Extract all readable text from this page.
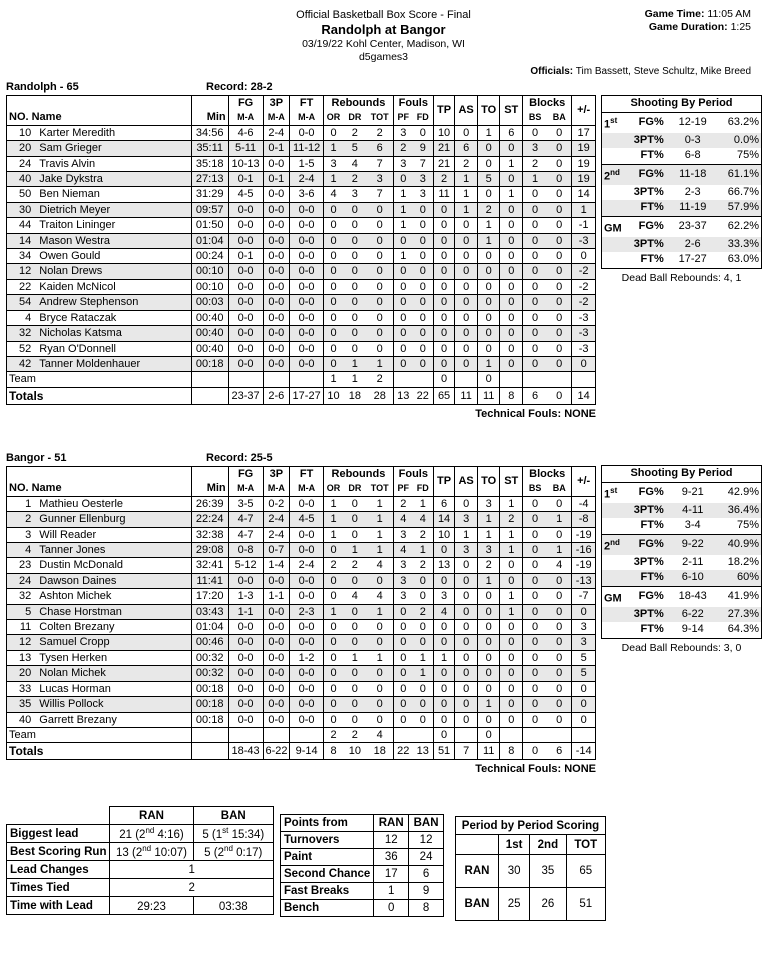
Official Basketball Box Score - Final
Randolph at Bangor
03/19/22 Kohl Center, Madison, WI
d5games3
Game Time: 11:05 AM
Game Duration: 1:25
Officials: Tim Bassett, Steve Schultz, Mike Breed
Randolph - 65	Record: 28-2
NO. Name		Min	FG	3P	FT	Rebounds			Fouls		TP	AS	TO	ST	Blocks		+/-
			M-A	M-A	M-A	OR	DR	TOT	PF	FD					BS	BA	
10	Karter Meredith	34:56	4-6	2-4	0-0	0	2	2	3	0	10	0	1	6	0	0	17
20	Sam Grieger	35:11	5-11	0-1	11-12	1	5	6	2	9	21	6	0	0	3	0	19
24	Travis Alvin	35:18	10-13	0-0	1-5	3	4	7	3	7	21	2	0	1	2	0	19
40	Jake Dykstra	27:13	0-1	0-1	2-4	1	2	3	0	3	2	1	5	0	1	0	19
50	Ben Nieman	31:29	4-5	0-0	3-6	4	3	7	1	3	11	1	0	1	0	0	14
30	Dietrich Meyer	09:57	0-0	0-0	0-0	0	0	0	1	0	0	1	2	0	0	0	1
44	Traiton Lininger	01:50	0-0	0-0	0-0	0	0	0	1	0	0	0	1	0	0	0	-1
14	Mason Westra	01:04	0-0	0-0	0-0	0	0	0	0	0	0	0	1	0	0	0	-3
34	Owen Gould	00:24	0-1	0-0	0-0	0	0	0	1	0	0	0	0	0	0	0	0
12	Nolan Drews	00:10	0-0	0-0	0-0	0	0	0	0	0	0	0	0	0	0	0	-2
22	Kaiden McNicol	00:10	0-0	0-0	0-0	0	0	0	0	0	0	0	0	0	0	0	-2
54	Andrew Stephenson	00:03	0-0	0-0	0-0	0	0	0	0	0	0	0	0	0	0	0	-2
4	Bryce Rataczak	00:40	0-0	0-0	0-0	0	0	0	0	0	0	0	0	0	0	0	-3
32	Nicholas Katsma	00:40	0-0	0-0	0-0	0	0	0	0	0	0	0	0	0	0	0	-3
52	Ryan O'Donnell	00:40	0-0	0-0	0-0	0	0	0	0	0	0	0	0	0	0	0	-3
42	Tanner Moldenhauer	00:18	0-0	0-0	0-0	0	1	1	0	0	0	0	1	0	0	0	0
Team						1	1	2			0		0				
Totals			23-37	2-6	17-27	10	18	28	13	22	65	11	11	8	6	0	14
Technical Fouls: NONE
Bangor - 51	Record: 25-5
NO. Name		Min	FG	3P	FT	Rebounds			Fouls		TP	AS	TO	ST	Blocks		+/-
			M-A	M-A	M-A	OR	DR	TOT	PF	FD					BS	BA	
1	Mathieu Oesterle	26:39	3-5	0-2	0-0	1	0	1	2	1	6	0	3	1	0	0	-4
2	Gunner Ellenburg	22:24	4-7	2-4	4-5	1	0	1	4	4	14	3	1	2	0	1	-8
3	Will Reader	32:38	4-7	2-4	0-0	1	0	1	3	2	10	1	1	1	0	0	-19
4	Tanner Jones	29:08	0-8	0-7	0-0	0	1	1	4	1	0	3	3	1	0	1	-16
23	Dustin McDonald	32:41	5-12	1-4	2-4	2	2	4	3	2	13	0	2	0	0	4	-19
24	Dawson Daines	11:41	0-0	0-0	0-0	0	0	0	3	0	0	0	1	0	0	0	-13
32	Ashton Michek	17:20	1-3	1-1	0-0	0	4	4	3	0	3	0	0	1	0	0	-7
5	Chase Horstman	03:43	1-1	0-0	2-3	1	0	1	0	2	4	0	0	1	0	0	0
11	Colten Brezany	01:04	0-0	0-0	0-0	0	0	0	0	0	0	0	0	0	0	0	3
12	Samuel Cropp	00:46	0-0	0-0	0-0	0	0	0	0	0	0	0	0	0	0	0	3
13	Tysen Herken	00:32	0-0	0-0	1-2	0	1	1	0	1	1	0	0	0	0	0	5
20	Nolan Michek	00:32	0-0	0-0	0-0	0	0	0	0	1	0	0	0	0	0	0	5
33	Lucas Horman	00:18	0-0	0-0	0-0	0	0	0	0	0	0	0	0	0	0	0	0
35	Willis Pollock	00:18	0-0	0-0	0-0	0	0	0	0	0	0	0	1	0	0	0	0
40	Garrett Brezany	00:18	0-0	0-0	0-0	0	0	0	0	0	0	0	0	0	0	0	0
Team						2	2	4			0		0				
Totals			18-43	6-22	9-14	8	10	18	22	13	51	7	11	8	0	6	-14
Technical Fouls: NONE
Shooting By Period			
1st	FG%	12-19	63.2%
	3PT%	0-3	0.0%
	FT%	6-8	75%
2nd	FG%	11-18	61.1%
	3PT%	2-3	66.7%
	FT%	11-19	57.9%
GM	FG%	23-37	62.2%
	3PT%	2-6	33.3%
	FT%	17-27	63.0%
Dead Ball Rebounds: 4, 1
Shooting By Period			
1st	FG%	9-21	42.9%
	3PT%	4-11	36.4%
	FT%	3-4	75%
2nd	FG%	9-22	40.9%
	3PT%	2-11	18.2%
	FT%	6-10	60%
GM	FG%	18-43	41.9%
	3PT%	6-22	27.3%
	FT%	9-14	64.3%
Dead Ball Rebounds: 3, 0
	RAN	BAN
Biggest lead	21 (2nd 4:16)	5 (1st 15:34)
Best Scoring Run	13 (2nd 10:07)	5 (2nd 0:17)
Lead Changes	1	
Times Tied	2	
Time with Lead	29:23	03:38
Points from	RAN	BAN
Turnovers	12	12
Paint	36	24
Second Chance	17	6
Fast Breaks	1	9
Bench	0	8
Period by Period Scoring			
	1st	2nd	TOT
RAN	30	35	65
BAN	25	26	51
